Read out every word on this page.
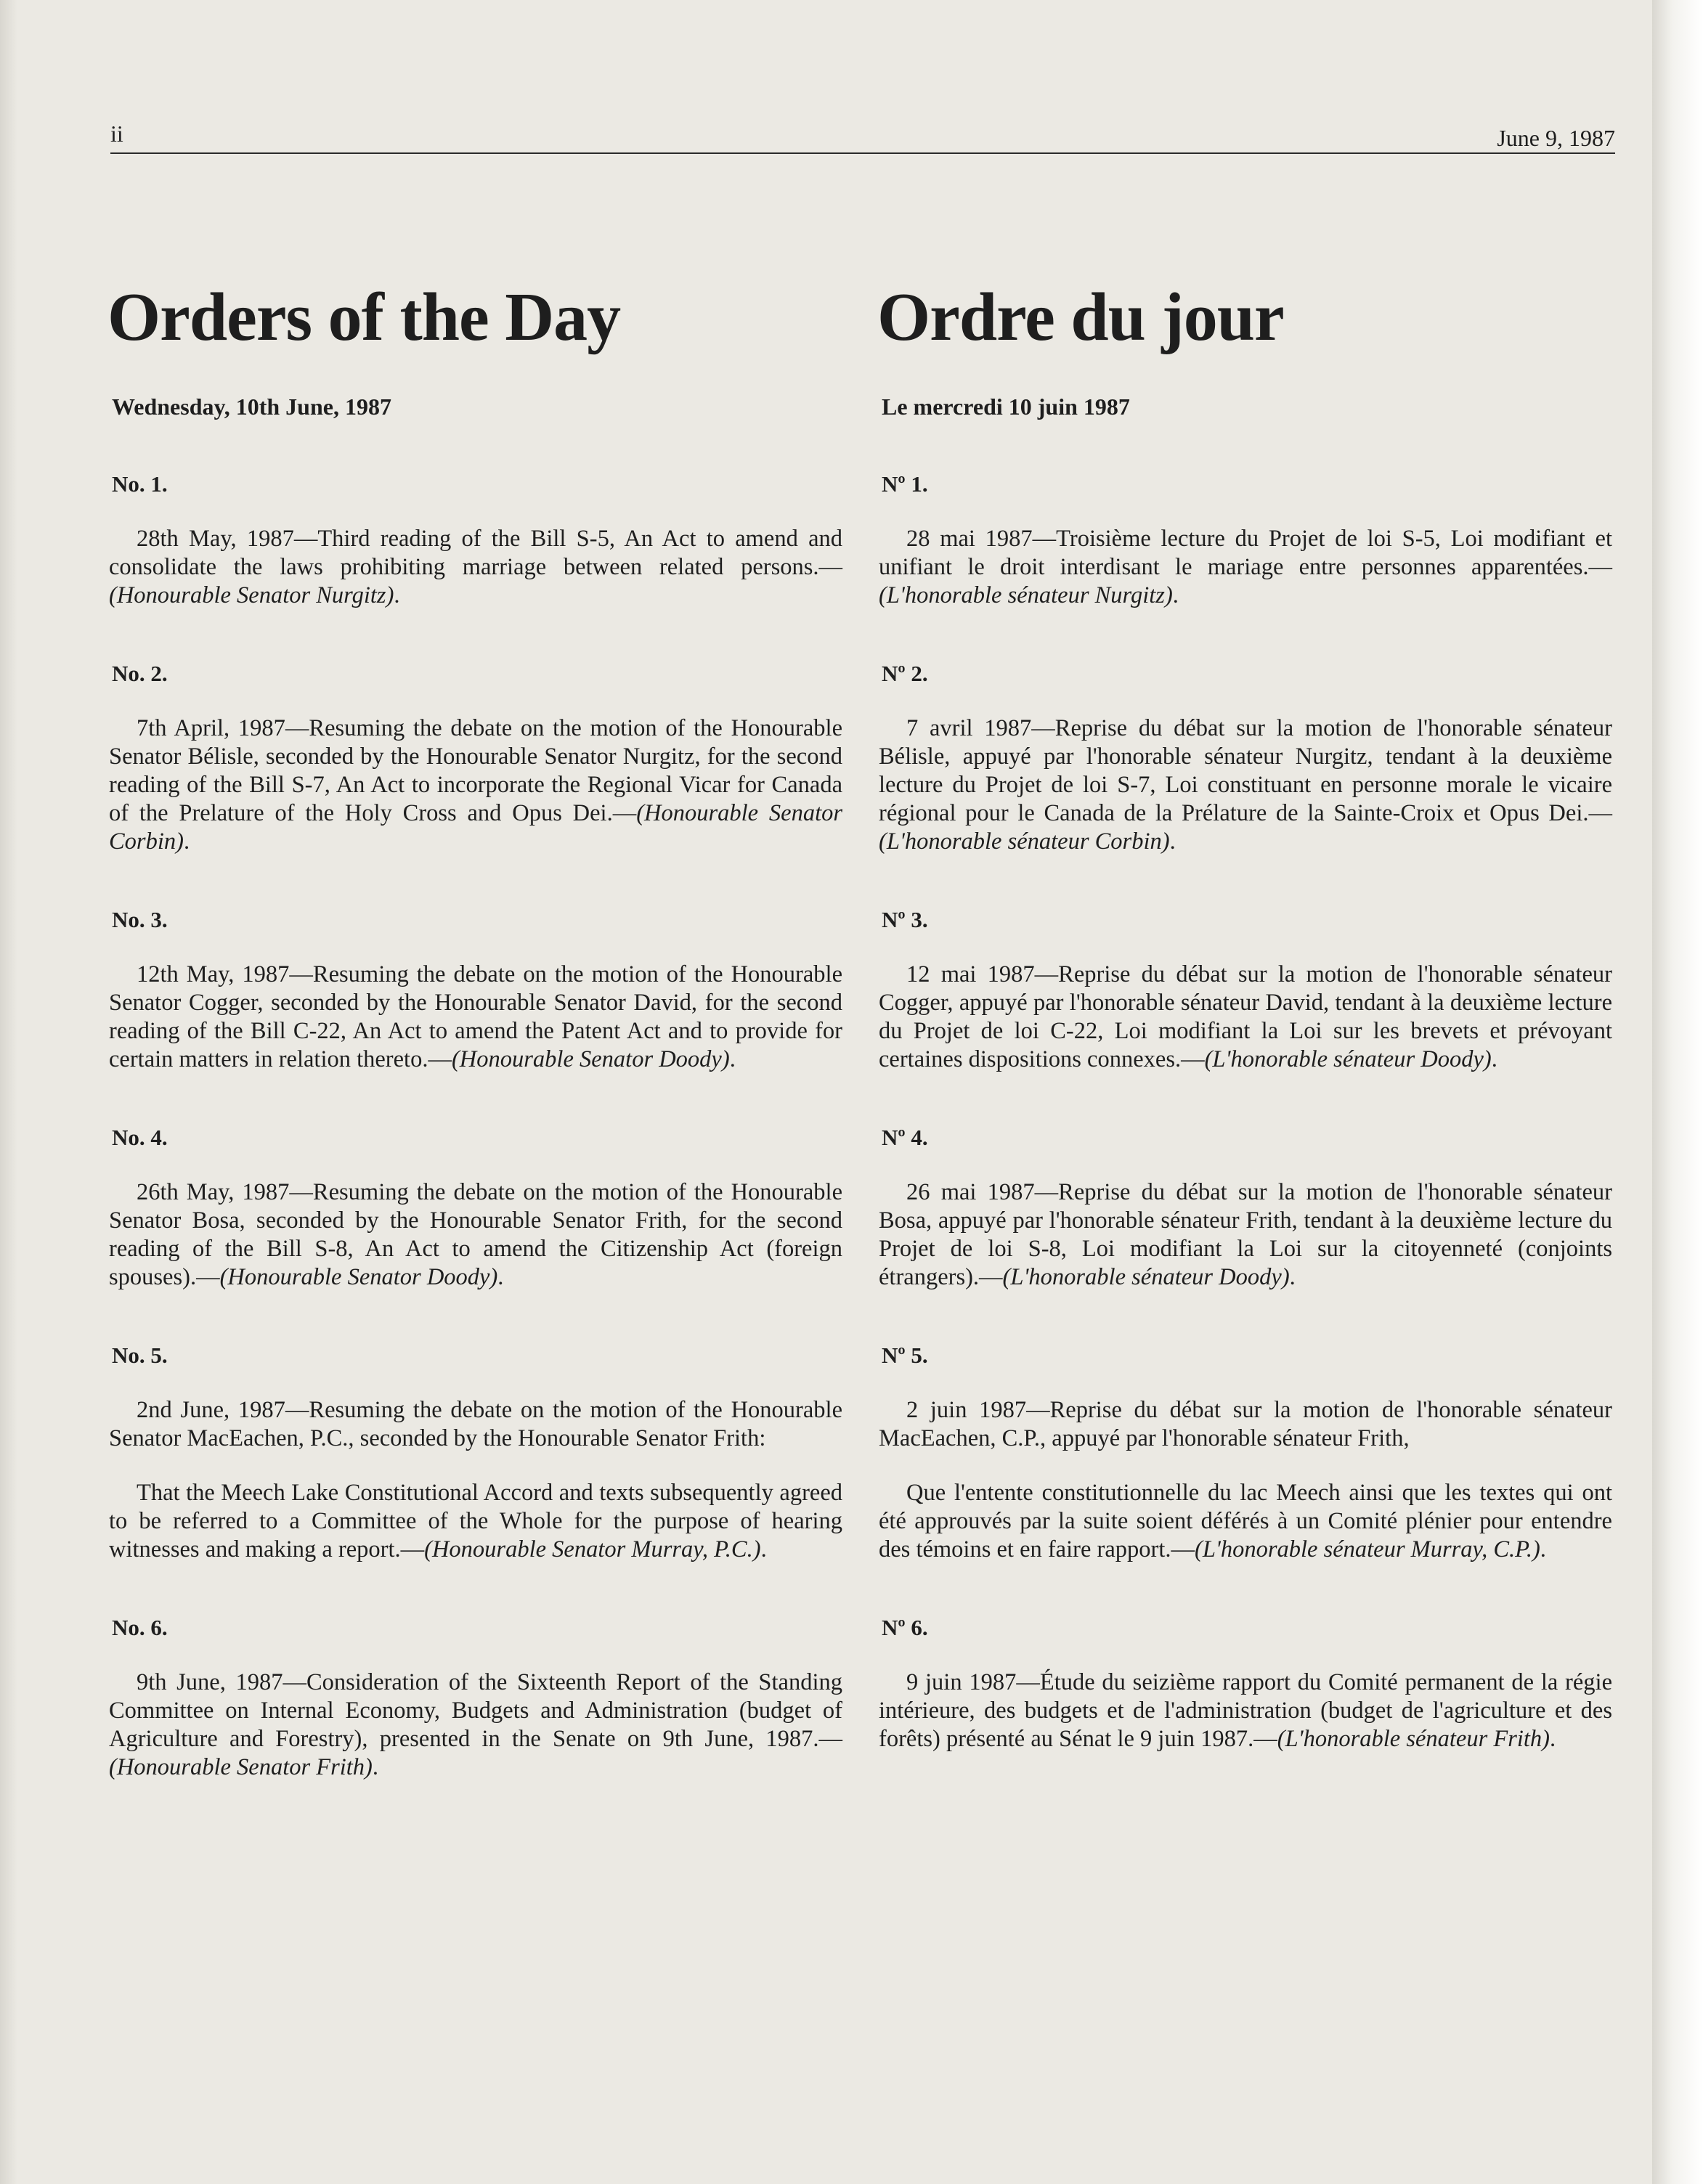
ii	June 9, 1987
Orders of the Day
Wednesday, 10th June, 1987
No. 1.

28th May, 1987—Third reading of the Bill S-5, An Act to amend and consolidate the laws prohibiting marriage between related persons.—(Honourable Senator Nurgitz).

No. 2.

7th April, 1987—Resuming the debate on the motion of the Honourable Senator Bélisle, seconded by the Honourable Senator Nurgitz, for the second reading of the Bill S-7, An Act to incorporate the Regional Vicar for Canada of the Prelature of the Holy Cross and Opus Dei.—(Honourable Senator Corbin).

No. 3.

12th May, 1987—Resuming the debate on the motion of the Honourable Senator Cogger, seconded by the Honourable Senator David, for the second reading of the Bill C-22, An Act to amend the Patent Act and to provide for certain matters in relation thereto.—(Honourable Senator Doody).

No. 4.

26th May, 1987—Resuming the debate on the motion of the Honourable Senator Bosa, seconded by the Honourable Senator Frith, for the second reading of the Bill S-8, An Act to amend the Citizenship Act (foreign spouses).—(Honourable Senator Doody).

No. 5.

2nd June, 1987—Resuming the debate on the motion of the Honourable Senator MacEachen, P.C., seconded by the Honourable Senator Frith:

That the Meech Lake Constitutional Accord and texts subsequently agreed to be referred to a Committee of the Whole for the purpose of hearing witnesses and making a report.—(Honourable Senator Murray, P.C.).

No. 6.

9th June, 1987—Consideration of the Sixteenth Report of the Standing Committee on Internal Economy, Budgets and Administration (budget of Agriculture and Forestry), presented in the Senate on 9th June, 1987.—(Honourable Senator Frith).

Ordre du jour
Le mercredi 10 juin 1987
Nº 1.

28 mai 1987—Troisième lecture du Projet de loi S-5, Loi modifiant et unifiant le droit interdisant le mariage entre personnes apparentées.—(L'honorable sénateur Nurgitz).

Nº 2.

7 avril 1987—Reprise du débat sur la motion de l'honorable sénateur Bélisle, appuyé par l'honorable sénateur Nurgitz, tendant à la deuxième lecture du Projet de loi S-7, Loi constituant en personne morale le vicaire régional pour le Canada de la Prélature de la Sainte-Croix et Opus Dei.—(L'honorable sénateur Corbin).

Nº 3.

12 mai 1987—Reprise du débat sur la motion de l'honorable sénateur Cogger, appuyé par l'honorable sénateur David, tendant à la deuxième lecture du Projet de loi C-22, Loi modifiant la Loi sur les brevets et prévoyant certaines dispositions connexes.—(L'honorable sénateur Doody).

Nº 4.

26 mai 1987—Reprise du débat sur la motion de l'honorable sénateur Bosa, appuyé par l'honorable sénateur Frith, tendant à la deuxième lecture du Projet de loi S-8, Loi modifiant la Loi sur la citoyenneté (conjoints étrangers).—(L'honorable sénateur Doody).

Nº 5.

2 juin 1987—Reprise du débat sur la motion de l'honorable sénateur MacEachen, C.P., appuyé par l'honorable sénateur Frith,

Que l'entente constitutionnelle du lac Meech ainsi que les textes qui ont été approuvés par la suite soient déférés à un Comité plénier pour entendre des témoins et en faire rapport.—(L'honorable sénateur Murray, C.P.).

Nº 6.

9 juin 1987—Étude du seizième rapport du Comité permanent de la régie intérieure, des budgets et de l'administration (budget de l'agriculture et des forêts) présenté au Sénat le 9 juin 1987.—(L'honorable sénateur Frith).
